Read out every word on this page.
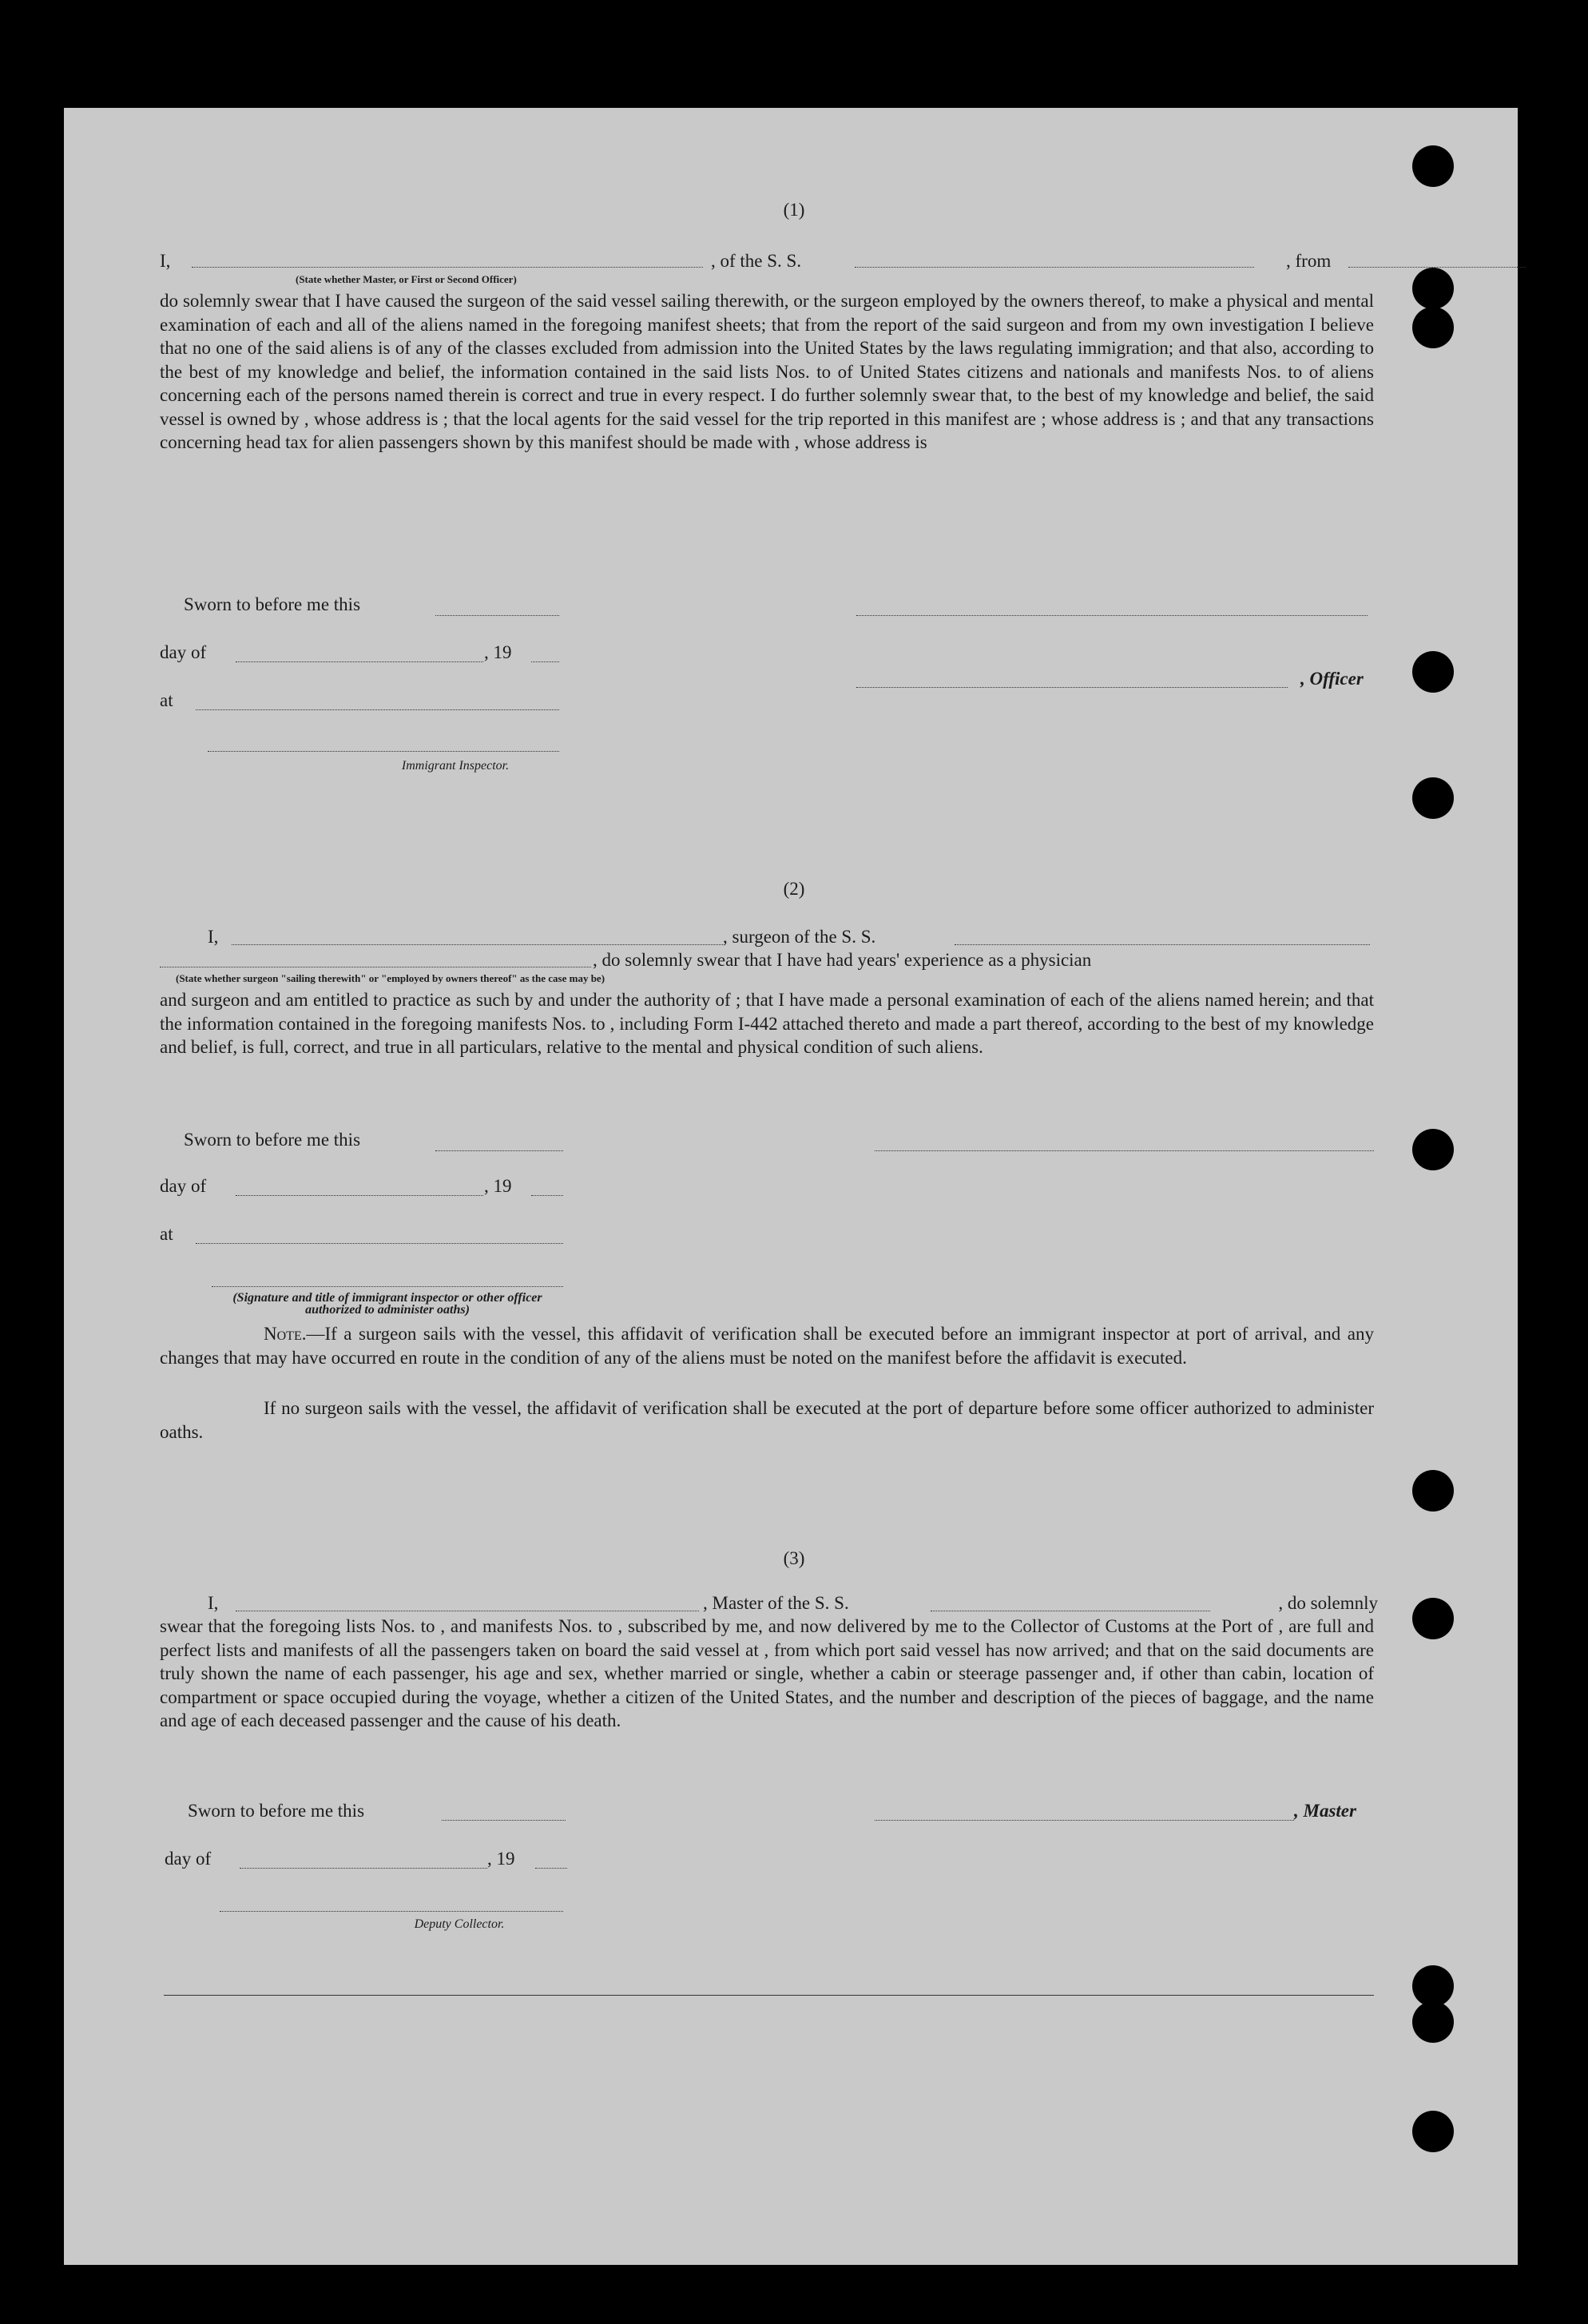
(1)
I,	, of the S. S.	, from
(State whether Master, or First or Second Officer)
do solemnly swear that I have caused the surgeon of the said vessel sailing therewith, or the surgeon employed by the owners thereof, to make a physical and mental examination of each and all of the aliens named in the foregoing manifest sheets; that from the report of the said surgeon and from my own investigation I believe that no one of the said aliens is of any of the classes excluded from admission into the United States by the laws regulating immigration; and that also, according to the best of my knowledge and belief, the information contained in the said lists Nos. to of United States citizens and nationals and manifests Nos. to of aliens concerning each of the persons named therein is correct and true in every respect. I do further solemnly swear that, to the best of my knowledge and belief, the said vessel is owned by , whose address is ; that the local agents for the said vessel for the trip reported in this manifest are ; whose address is ; and that any transactions concerning head tax for alien passengers shown by this manifest should be made with , whose address is
Sworn to before me this
day of	, 19
at
, Officer
Immigrant Inspector.
(2)
I,	, surgeon of the S. S.
, do solemnly swear that I have had years' experience as a physician
(State whether surgeon "sailing therewith" or "employed by owners thereof" as the case may be)
and surgeon and am entitled to practice as such by and under the authority of ; that I have made a personal examination of each of the aliens named herein; and that the information contained in the foregoing manifests Nos. to , including Form I-442 attached thereto and made a part thereof, according to the best of my knowledge and belief, is full, correct, and true in all particulars, relative to the mental and physical condition of such aliens.
Sworn to before me this
day of	, 19
at
(Signature and title of immigrant inspector or other officer authorized to administer oaths)
Note.—If a surgeon sails with the vessel, this affidavit of verification shall be executed before an immigrant inspector at port of arrival, and any changes that may have occurred en route in the condition of any of the aliens must be noted on the manifest before the affidavit is executed.
If no surgeon sails with the vessel, the affidavit of verification shall be executed at the port of departure before some officer authorized to administer oaths.
(3)
I,	, Master of the S. S.	, do solemnly
swear that the foregoing lists Nos. to , and manifests Nos. to , subscribed by me, and now delivered by me to the Collector of Customs at the Port of , are full and perfect lists and manifests of all the passengers taken on board the said vessel at , from which port said vessel has now arrived; and that on the said documents are truly shown the name of each passenger, his age and sex, whether married or single, whether a cabin or steerage passenger and, if other than cabin, location of compartment or space occupied during the voyage, whether a citizen of the United States, and the number and description of the pieces of baggage, and the name and age of each deceased passenger and the cause of his death.
Sworn to before me this	, Master
day of	, 19
Deputy Collector.
